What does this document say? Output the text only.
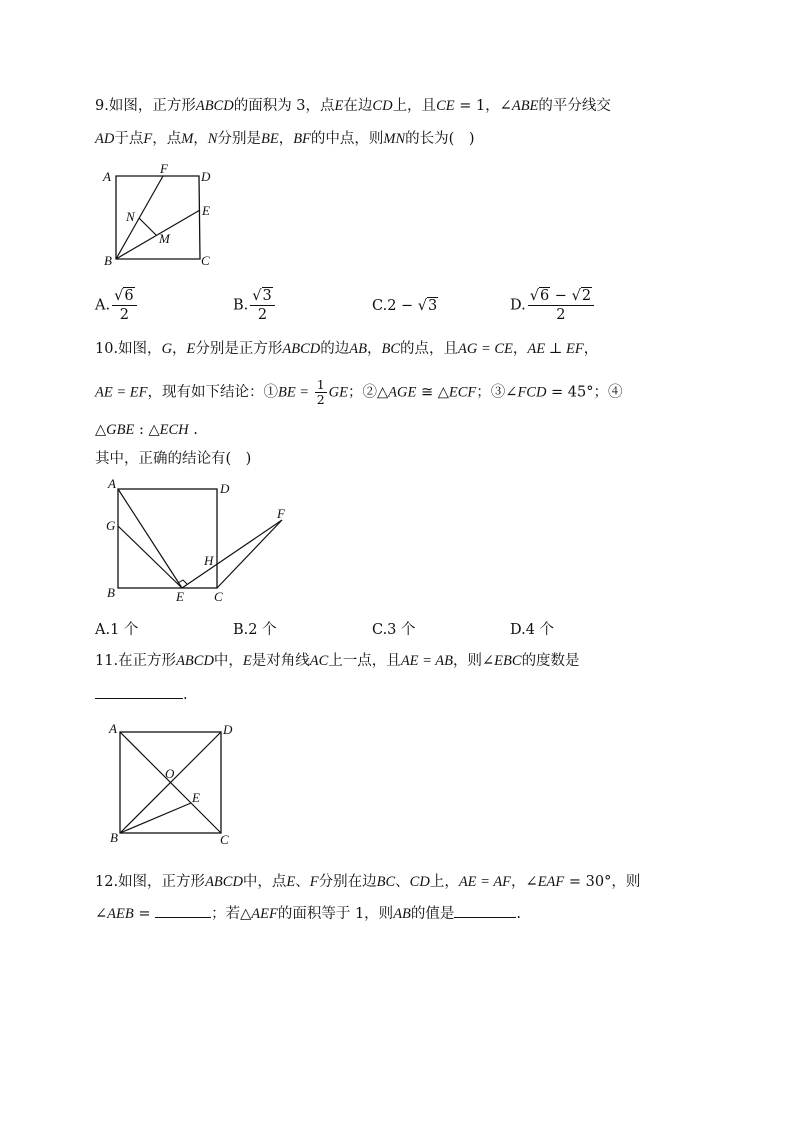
9.如图，正方形ABCD的面积为 3，点E在边CD上，且CE = 1，∠ABE的平分线交
AD于点F，点M，N分别是BE，BF的中点，则MN的长为(　)
A
F
D
E
N
M
B	C
A. $\frac{√6}{2}$	B. $\frac{√3}{2}$	C.2 − √3	D. $\frac{√6 - √2}{2}$
10.如图，G，E分别是正方形ABCD的边AB，BC的点，且AG = CE，AE ⊥ EF，
AE = EF，现有如下结论：①BE = $\frac{1}{2}$ GE；②△AGE ≅ △ECF；③∠FCD = 45°；④
△GBE : △ECH .
其中，正确的结论有(　)
A	D
G
F
H
B	E C
A.1 个	B.2 个	C.3 个	D.4 个
11.在正方形ABCD中，E是对角线AC上一点，且AE = AB，则∠EBC的度数是
.
A	D
O
E
B	C
12.如图，正方形ABCD中，点E、F分别在边BC、CD上，AE = AF，∠EAF = 30°，则
∠AEB =	；若△AEF的面积等于 1，则AB的值是	.
